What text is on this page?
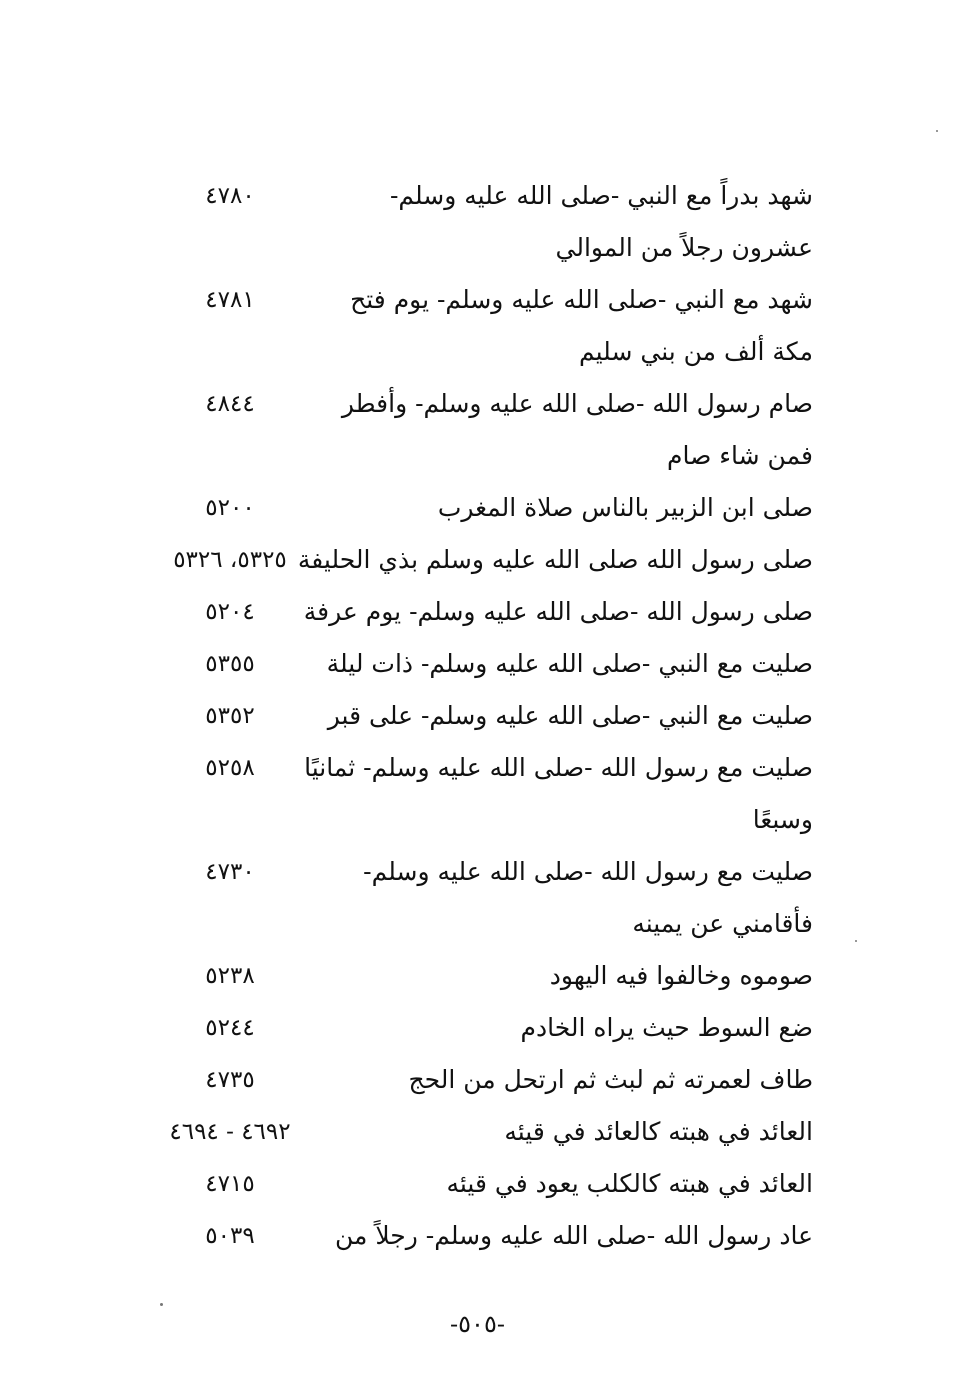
شهد بدراً مع النبي -صلى الله عليه وسلم-
٤٧٨٠
عشرون رجلاً من الموالي
شهد مع النبي -صلى الله عليه وسلم- يوم فتح
٤٧٨١
مكة ألف من بني سليم
صام رسول الله -صلى الله عليه وسلم- وأفطر
٤٨٤٤
فمن شاء صام
صلى ابن الزبير بالناس صلاة المغرب
٥٢٠٠
صلى رسول الله صلى الله عليه وسلم بذي الحليفة
٥٣٢٥، ٥٣٢٦
صلى رسول الله -صلى الله عليه وسلم- يوم عرفة
٥٢٠٤
صليت مع النبي -صلى الله عليه وسلم- ذات ليلة
٥٣٥٥
صليت مع النبي -صلى الله عليه وسلم- على قبر
٥٣٥٢
صليت مع رسول الله -صلى الله عليه وسلم- ثمانيًا
٥٢٥٨
وسبعًا
صليت مع رسول الله -صلى الله عليه وسلم-
٤٧٣٠
فأقامني عن يمينه
صوموه وخالفوا فيه اليهود
٥٢٣٨
ضع السوط حيث يراه الخادم
٥٢٤٤
طاف لعمرته ثم لبث ثم ارتحل من الحج
٤٧٣٥
العائد في هبته كالعائد في قيئه
٤٦٩٢ - ٤٦٩٤
العائد في هبته كالكلب يعود في قيئه
٤٧١٥
عاد رسول الله -صلى الله عليه وسلم- رجلاً من
٥٠٣٩
-٥٠٥-
